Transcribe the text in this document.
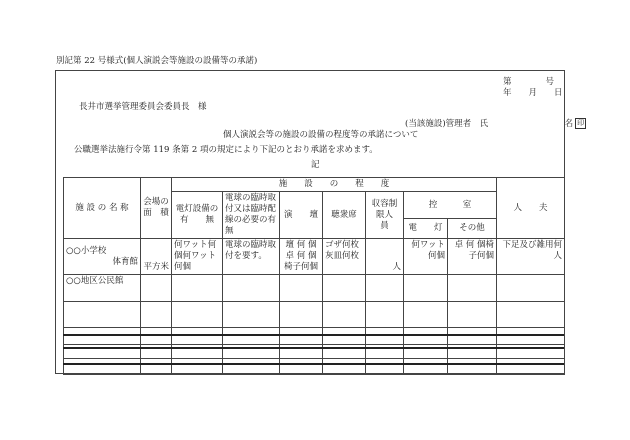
別記第 22 号様式(個人演説会等施設の設備等の承諾)
第　　　　号
年　　月　　日
長井市選挙管理委員会委員長　様
(当該施設)管理者　氏　　　　　　　　　名 印
個人演説会等の施設の設備の程度等の承諾について
公職選挙法施行令第 119 条第 2 項の規定により下記のとおり承諾を求めます。
記
施 設 の 名 称	会場の面　積	施　　設　　の　　程　　度							人　　夫
		電灯設備の有　　無	電球の臨時取付又は臨時配線の必要の有無	演　　壇	聴衆席	収容制限人　員	控　　　室		
							電　　灯	その他	

○○小学校
体育館	平方米	何ワット何個何ワット何個	電球の臨時取付を要す。	壇 何 個卓 何 個椅子何個	ゴザ何枚灰皿何枚	人	何ワット何個	卓 何 個椅子何個	下足及び雑用何　人
○○地区公民館									
